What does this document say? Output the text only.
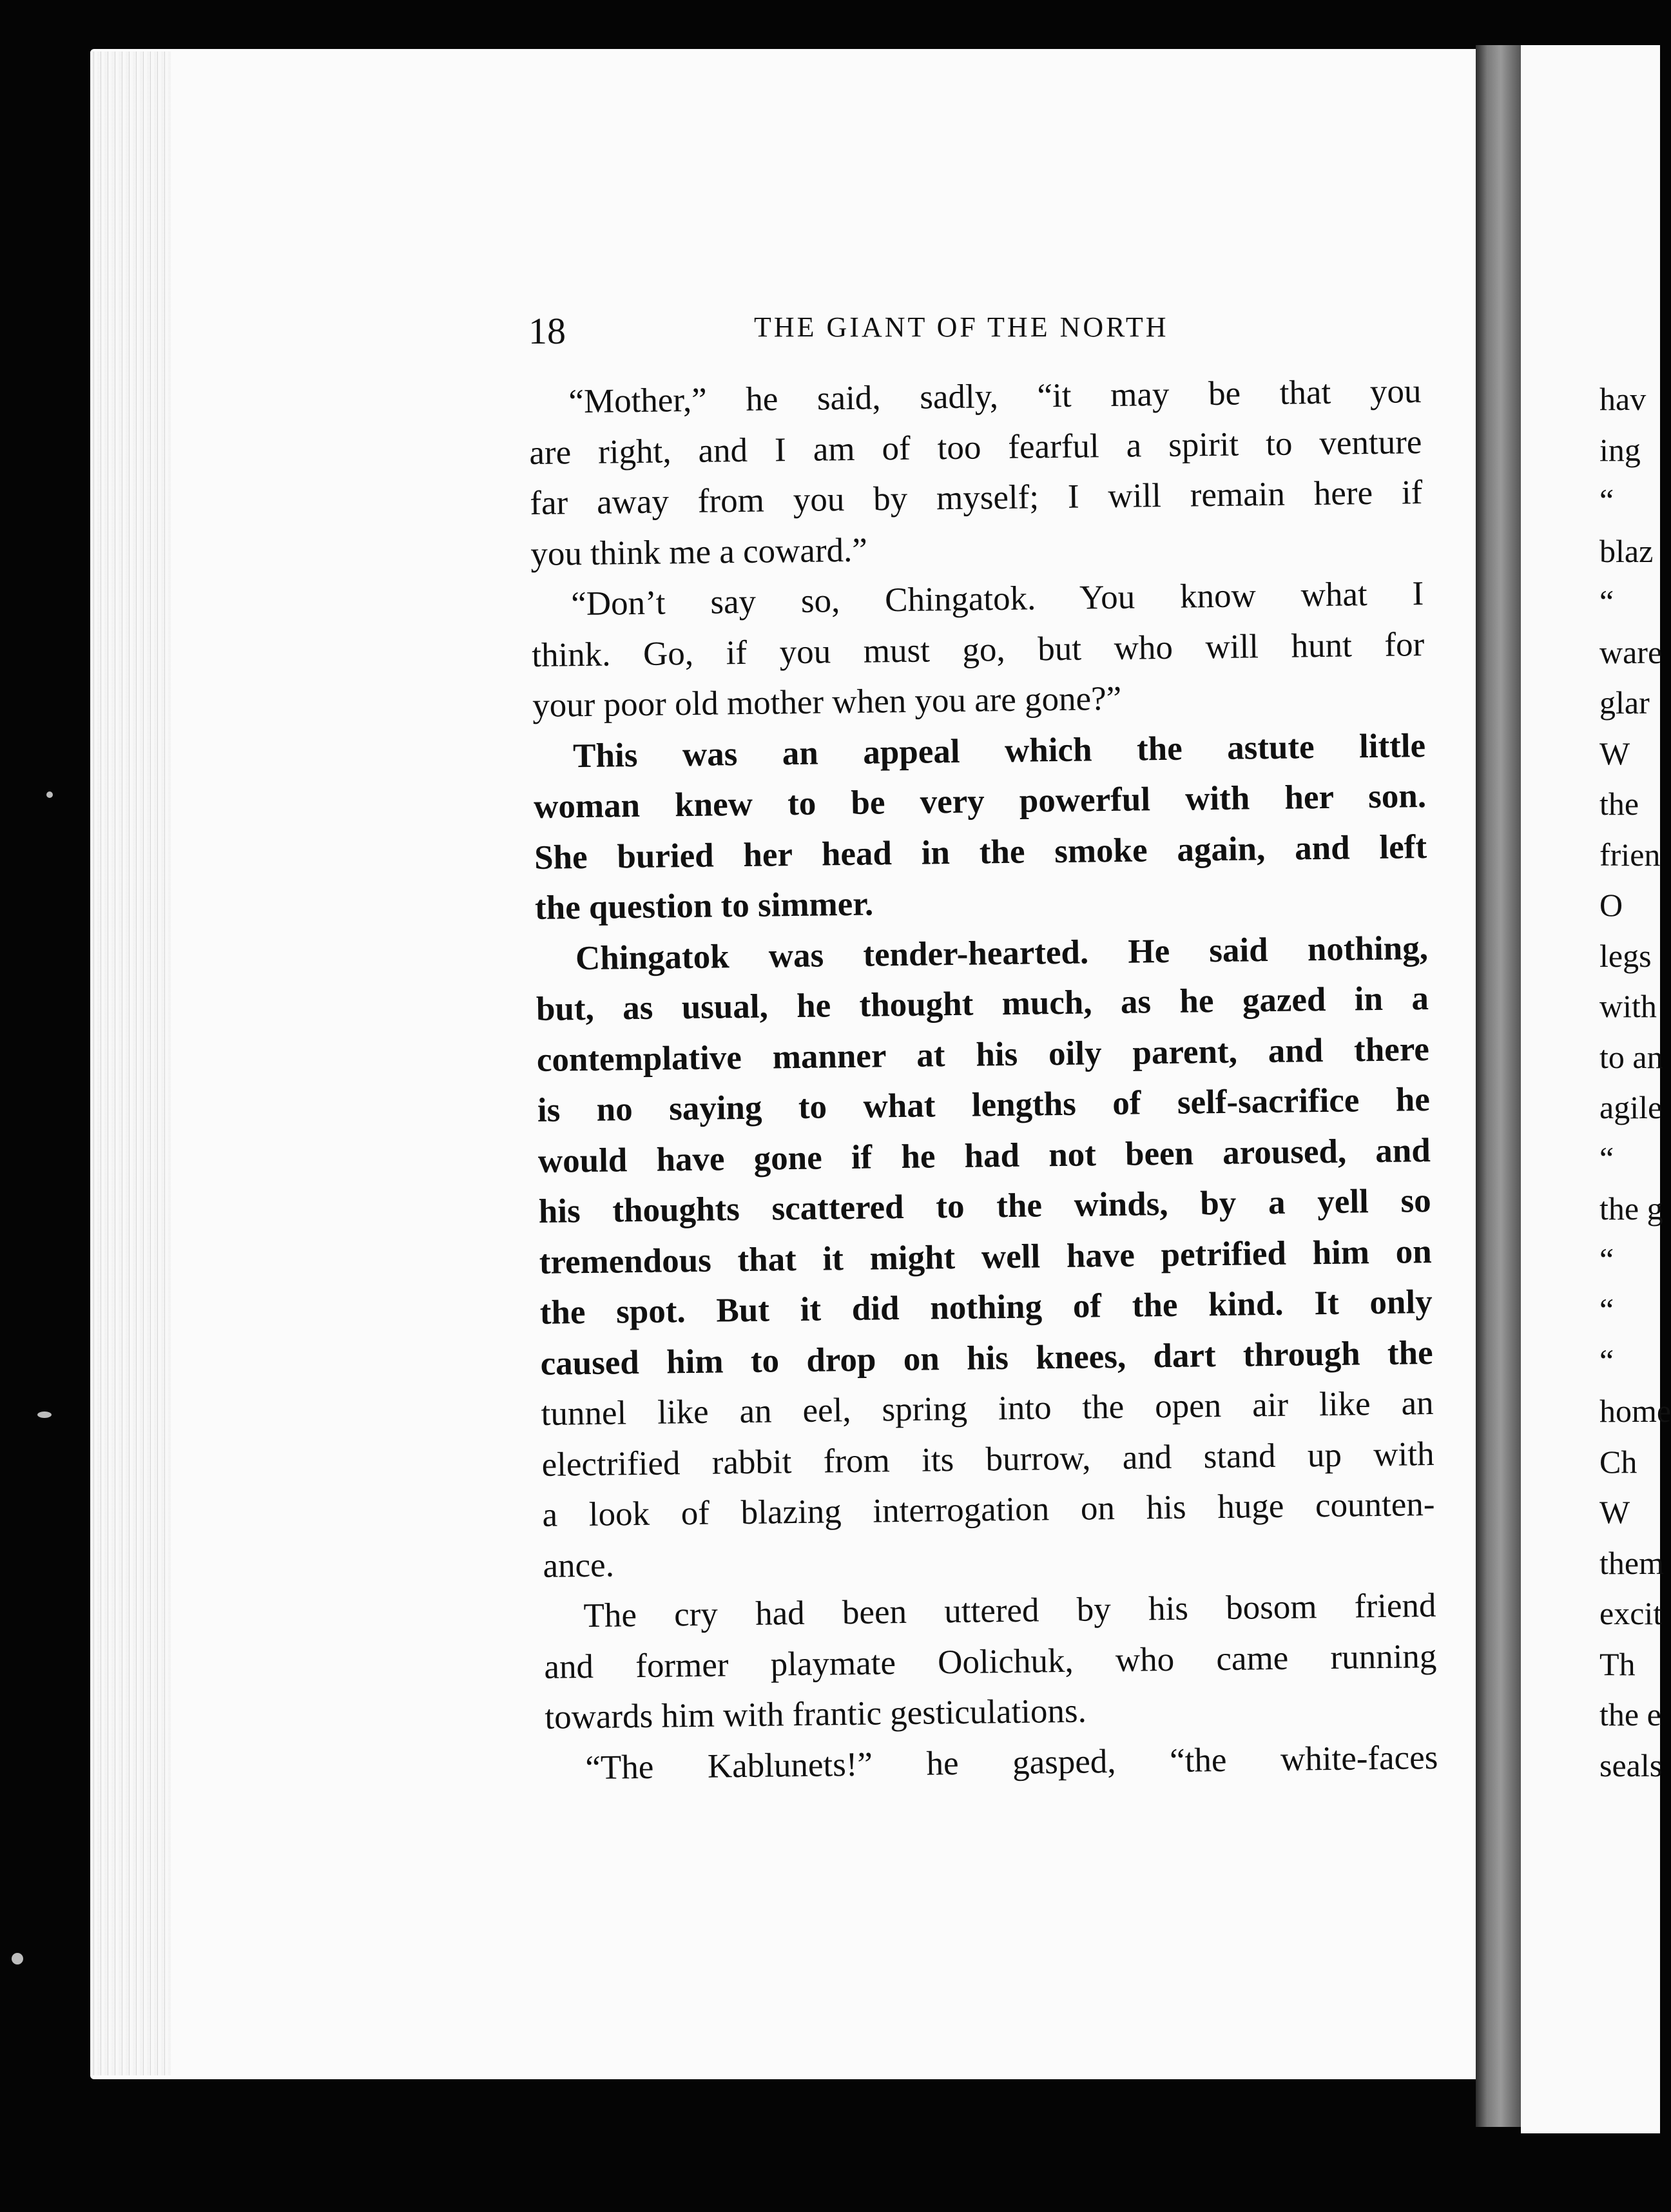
18	THE GIANT OF THE NORTH
“Mother,” he said, sadly, “it may be that you
are right, and I am of too fearful a spirit to venture
far away from you by myself; I will remain here if
you think me a coward.”
“Don’t say so, Chingatok. You know what I
think. Go, if you must go, but who will hunt for
your poor old mother when you are gone?”
This was an appeal which the astute little
woman knew to be very powerful with her son.
She buried her head in the smoke again, and left
the question to simmer.
Chingatok was tender-hearted. He said nothing,
but, as usual, he thought much, as he gazed in a
contemplative manner at his oily parent, and there
is no saying to what lengths of self-sacrifice he
would have gone if he had not been aroused, and
his thoughts scattered to the winds, by a yell so
tremendous that it might well have petrified him on
the spot. But it did nothing of the kind. It only
caused him to drop on his knees, dart through the
tunnel like an eel, spring into the open air like an
electrified rabbit from its burrow, and stand up with
a look of blazing interrogation on his huge counten-
ance.
The cry had been uttered by his bosom friend
and former playmate Oolichuk, who came running
towards him with frantic gesticulations.
“The Kablunets!” he gasped, “the white-faces
hav
ing
“
blaz
“
ware
glar
W
the
frien
O
legs
with
to an
agile
“
the g
“
“
“
home
Ch
W
them
excit
Th
the e
seals
